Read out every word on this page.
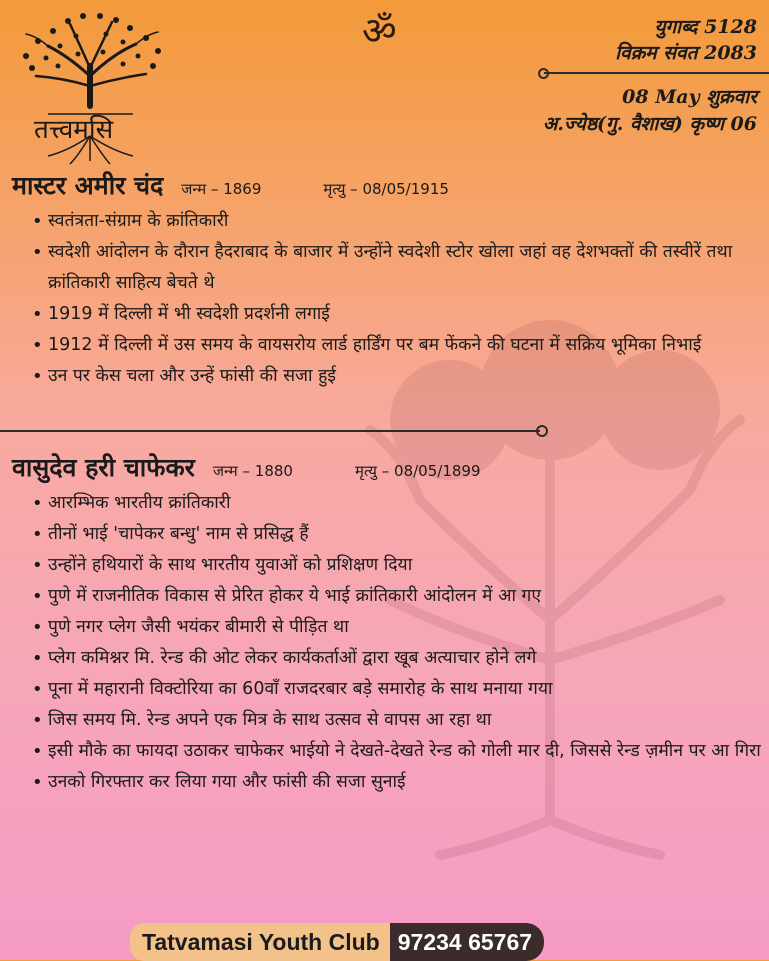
तत्त्वमसि
ॐ	युगाब्द 5128
विक्रम संवत 2083
08 May शुक्रवार
अ.ज्येष्ठ(गु. वैशाख) कृष्ण 06
मास्टर अमीर चंद जन्म – 1869	मृत्यु – 08/05/1915
• स्वतंत्रता-संग्राम के क्रांतिकारी
• स्वदेशी आंदोलन के दौरान हैदराबाद के बाजार में उन्होंने स्वदेशी स्टोर खोला जहां वह देशभक्तों की तस्वीरें तथा क्रांतिकारी साहित्य बेचते थे
• 1919 में दिल्ली में भी स्वदेशी प्रदर्शनी लगाई
• 1912 में दिल्ली में उस समय के वायसरोय लार्ड हार्डिंग पर बम फेंकने की घटना में सक्रिय भूमिका निभाई
• उन पर केस चला और उन्हें फांसी की सजा हुई
वासुदेव हरी चाफेकर जन्म – 1880	मृत्यु – 08/05/1899
• आरम्भिक भारतीय क्रांतिकारी
• तीनों भाई 'चापेकर बन्धु' नाम से प्रसिद्ध हैं
• उन्होंने हथियारों के साथ भारतीय युवाओं को प्रशिक्षण दिया
• पुणे में राजनीतिक विकास से प्रेरित होकर ये भाई क्रांतिकारी आंदोलन में आ गए
• पुणे नगर प्लेग जैसी भयंकर बीमारी से पीड़ित था
• प्लेग कमिश्नर मि. रेन्ड की ओट लेकर कार्यकर्ताओं द्वारा खूब अत्याचार होने लगे
• पूना में महारानी विक्टोरिया का 60वाँ राजदरबार बड़े समारोह के साथ मनाया गया
• जिस समय मि. रेन्ड अपने एक मित्र के साथ उत्सव से वापस आ रहा था
• इसी मौके का फायदा उठाकर चाफेकर भाईयो ने देखते-देखते रेन्ड को गोली मार दी, जिससे रेन्ड ज़मीन पर आ गिरा
• उनको गिरफ्तार कर लिया गया और फांसी की सजा सुनाई
Tatvamasi Youth Club 97234 65767
